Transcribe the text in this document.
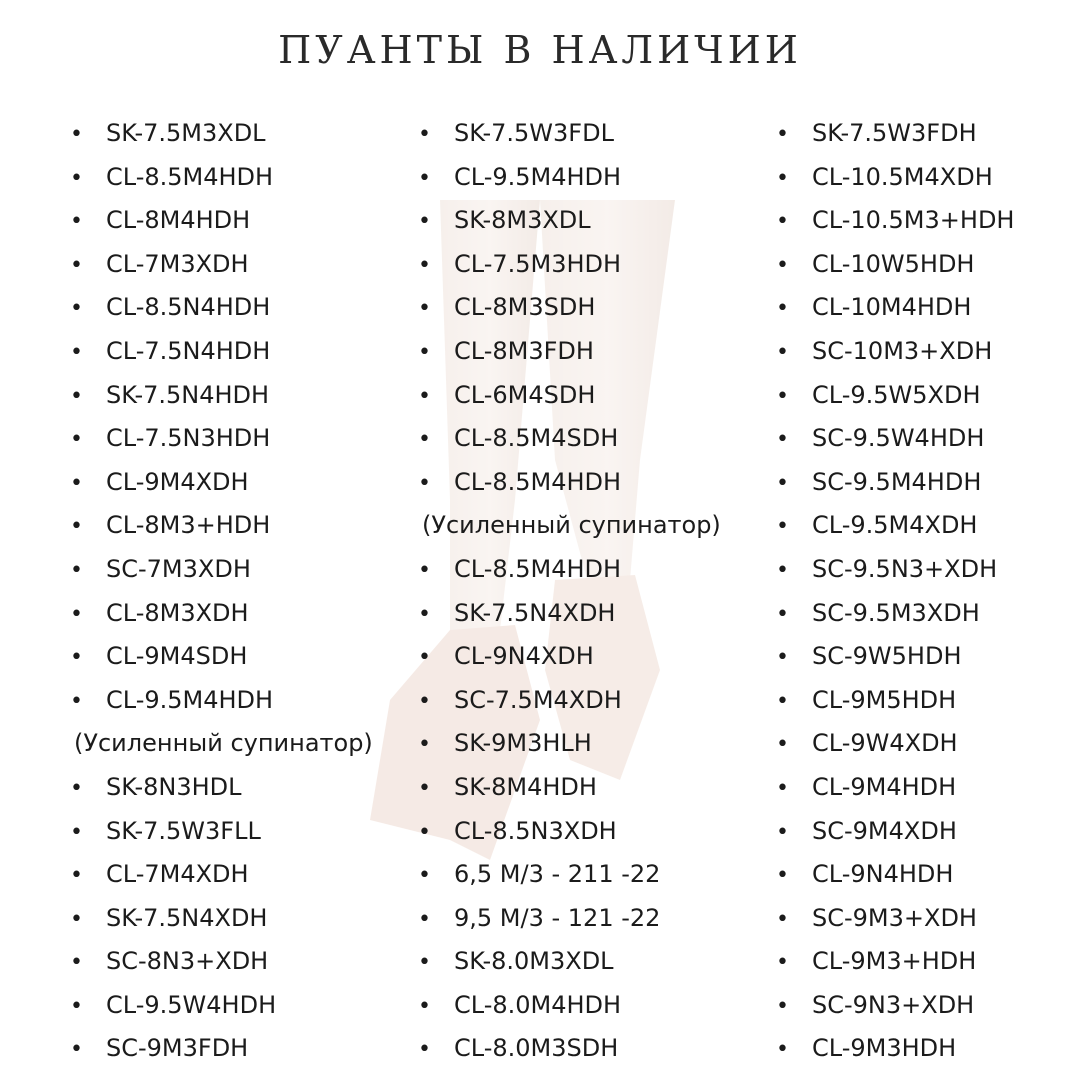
ПУАНТЫ В НАЛИЧИИ
• SK-7.5M3XDL
• CL-8.5M4HDH
• CL-8M4HDH
• CL-7M3XDH
• CL-8.5N4HDH
• CL-7.5N4HDH
• SK-7.5N4HDH
• CL-7.5N3HDH
• CL-9M4XDH
• CL-8M3+HDH
• SC-7M3XDH
• CL-8M3XDH
• CL-9M4SDH
• CL-9.5M4HDH
(Усиленный супинатор)
• SK-8N3HDL
• SK-7.5W3FLL
• CL-7M4XDH
• SK-7.5N4XDH
• SC-8N3+XDH
• CL-9.5W4HDH
• SC-9M3FDH
• SK-7.5W3FDL
• CL-9.5M4HDH
• SK-8M3XDL
• CL-7.5M3HDH
• CL-8M3SDH
• CL-8M3FDH
• CL-6M4SDH
• CL-8.5M4SDH
• CL-8.5M4HDH
(Усиленный супинатор)
• CL-8.5M4HDH
• SK-7.5N4XDH
• CL-9N4XDH
• SC-7.5M4XDH
• SK-9M3HLH
• SK-8M4HDH
• CL-8.5N3XDH
• 6,5 M/3 - 211 -22
• 9,5 M/3 - 121 -22
• SK-8.0M3XDL
• CL-8.0M4HDH
• CL-8.0M3SDH
• SK-7.5W3FDH
• CL-10.5M4XDH
• CL-10.5M3+HDH
• CL-10W5HDH
• CL-10M4HDH
• SC-10M3+XDH
• CL-9.5W5XDH
• SC-9.5W4HDH
• SC-9.5M4HDH
• CL-9.5M4XDH
• SC-9.5N3+XDH
• SC-9.5M3XDH
• SC-9W5HDH
• CL-9M5HDH
• CL-9W4XDH
• CL-9M4HDH
• SC-9M4XDH
• CL-9N4HDH
• SC-9M3+XDH
• CL-9M3+HDH
• SC-9N3+XDH
• CL-9M3HDH
